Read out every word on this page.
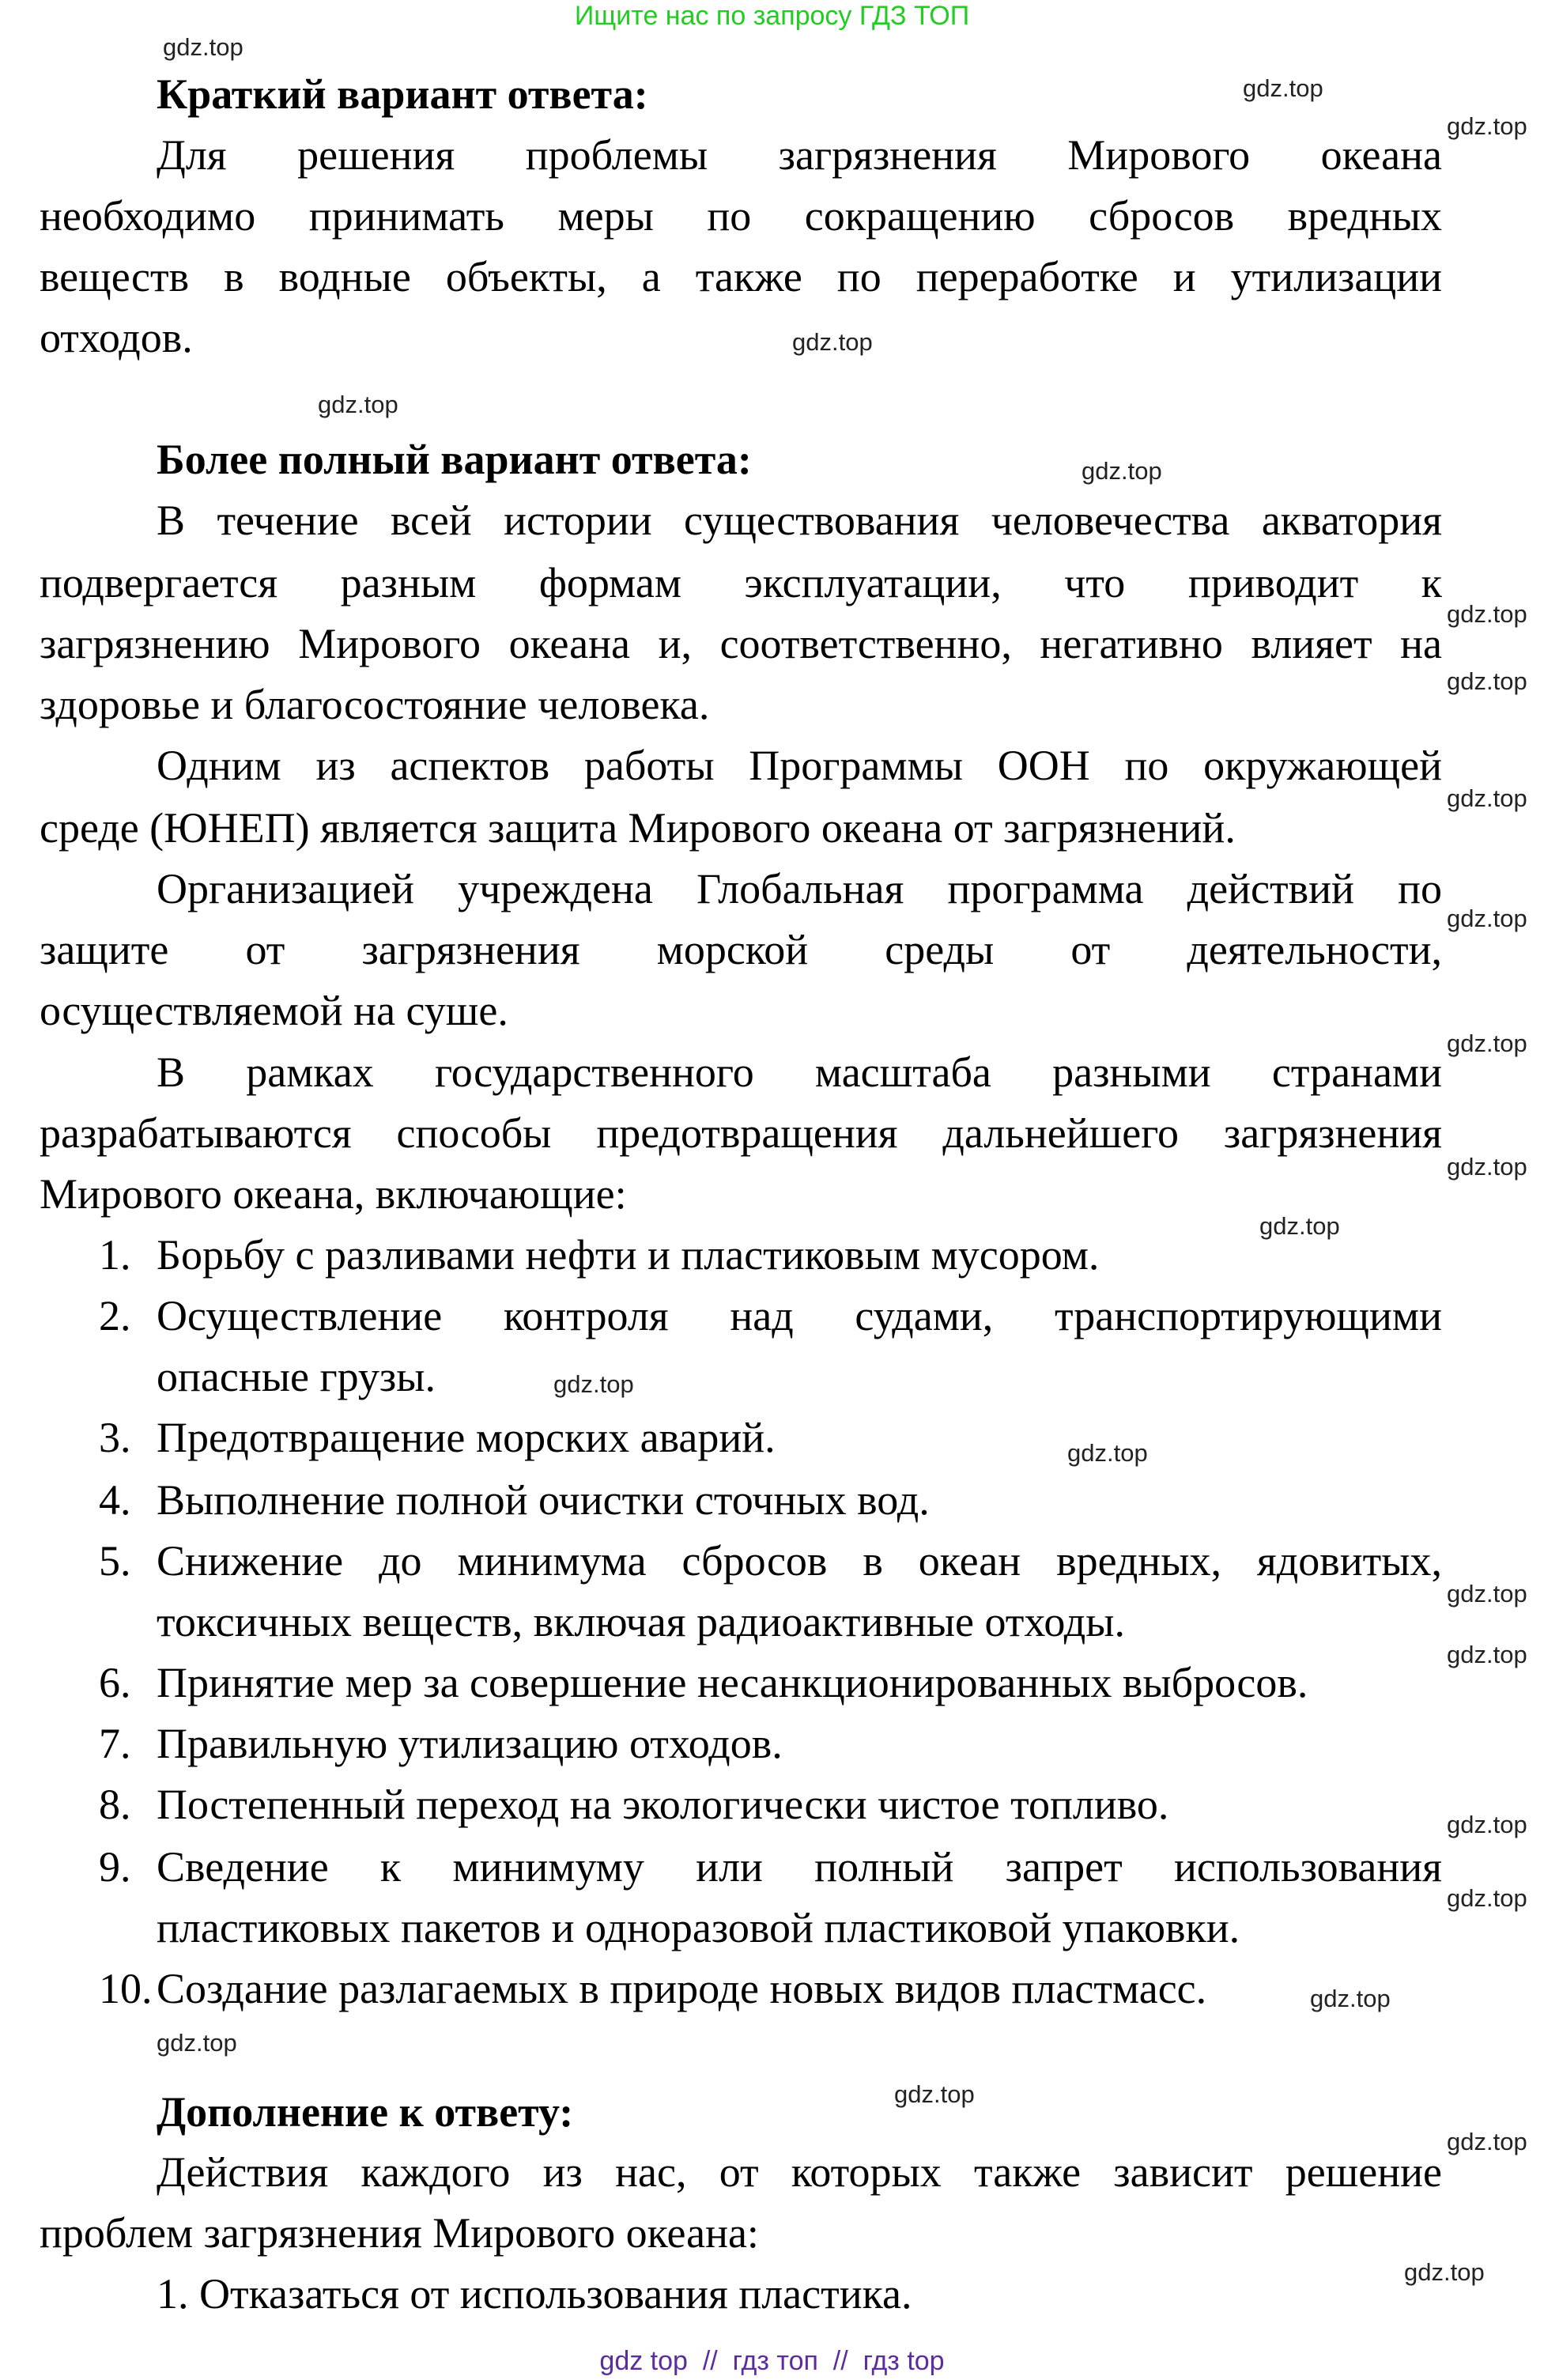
Ищите нас по запросу ГДЗ ТОП
Краткий вариант ответа:
Для решения проблемы загрязнения Мирового океана
необходимо принимать меры по сокращению сбросов вредных
веществ в водные объекты, а также по переработке и утилизации
отходов.
Более полный вариант ответа:
В течение всей истории существования человечества акватория
подвергается разным формам эксплуатации, что приводит к
загрязнению Мирового океана и, соответственно, негативно влияет на
здоровье и благосостояние человека.
Одним из аспектов работы Программы ООН по окружающей
среде (ЮНЕП) является защита Мирового океана от загрязнений.
Организацией учреждена Глобальная программа действий по
защите от загрязнения морской среды от деятельности,
осуществляемой на суше.
В рамках государственного масштаба разными странами
разрабатываются способы предотвращения дальнейшего загрязнения
Мирового океана, включающие:
1. Борьбу с разливами нефти и пластиковым мусором.
2. Осуществление контроля над судами, транспортирующими
опасные грузы.
3. Предотвращение морских аварий.
4. Выполнение полной очистки сточных вод.
5. Снижение до минимума сбросов в океан вредных, ядовитых,
токсичных веществ, включая радиоактивные отходы.
6. Принятие мер за совершение несанкционированных выбросов.
7. Правильную утилизацию отходов.
8. Постепенный переход на экологически чистое топливо.
9. Сведение к минимуму или полный запрет использования
пластиковых пакетов и одноразовой пластиковой упаковки.
10. Создание разлагаемых в природе новых видов пластмасс.
Дополнение к ответу:
Действия каждого из нас, от которых также зависит решение
проблем загрязнения Мирового океана:
1. Отказаться от использования пластика.
gdz.top
gdz.top
gdz.top
gdz.top
gdz.top
gdz.top
gdz.top
gdz.top
gdz.top
gdz.top
gdz.top
gdz.top
gdz.top
gdz.top
gdz.top
gdz.top
gdz.top
gdz.top
gdz.top
gdz.top
gdz.top
gdz.top
gdz.top
gdz.top
gdz top  //  гдз топ  //  гдз top
